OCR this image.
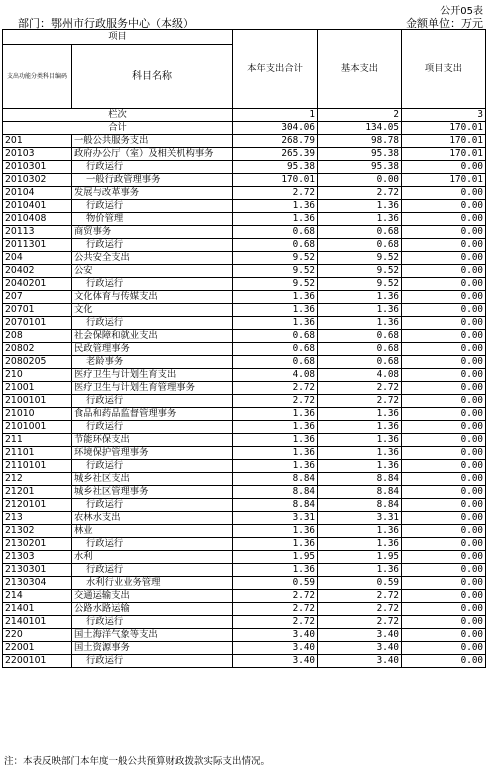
公开05表
部门：鄂州市行政服务中心（本级）	金额单位：万元
项目		本年支出合计	基本支出	项目支出
支出功能分类科目编码	科目名称			
栏次		1	2	3
合计		304.06	134.05	170.01
201	一般公共服务支出	268.79	98.78	170.01
20103	政府办公厅（室）及相关机构事务	265.39	95.38	170.01
2010301	行政运行	95.38	95.38	0.00
2010302	一般行政管理事务	170.01	0.00	170.01
20104	发展与改革事务	2.72	2.72	0.00
2010401	行政运行	1.36	1.36	0.00
2010408	物价管理	1.36	1.36	0.00
20113	商贸事务	0.68	0.68	0.00
2011301	行政运行	0.68	0.68	0.00
204	公共安全支出	9.52	9.52	0.00
20402	公安	9.52	9.52	0.00
2040201	行政运行	9.52	9.52	0.00
207	文化体育与传媒支出	1.36	1.36	0.00
20701	文化	1.36	1.36	0.00
2070101	行政运行	1.36	1.36	0.00
208	社会保障和就业支出	0.68	0.68	0.00
20802	民政管理事务	0.68	0.68	0.00
2080205	老龄事务	0.68	0.68	0.00
210	医疗卫生与计划生育支出	4.08	4.08	0.00
21001	医疗卫生与计划生育管理事务	2.72	2.72	0.00
2100101	行政运行	2.72	2.72	0.00
21010	食品和药品监督管理事务	1.36	1.36	0.00
2101001	行政运行	1.36	1.36	0.00
211	节能环保支出	1.36	1.36	0.00
21101	环境保护管理事务	1.36	1.36	0.00
2110101	行政运行	1.36	1.36	0.00
212	城乡社区支出	8.84	8.84	0.00
21201	城乡社区管理事务	8.84	8.84	0.00
2120101	行政运行	8.84	8.84	0.00
213	农林水支出	3.31	3.31	0.00
21302	林业	1.36	1.36	0.00
2130201	行政运行	1.36	1.36	0.00
21303	水利	1.95	1.95	0.00
2130301	行政运行	1.36	1.36	0.00
2130304	水利行业业务管理	0.59	0.59	0.00
214	交通运输支出	2.72	2.72	0.00
21401	公路水路运输	2.72	2.72	0.00
2140101	行政运行	2.72	2.72	0.00
220	国土海洋气象等支出	3.40	3.40	0.00
22001	国土资源事务	3.40	3.40	0.00
2200101	行政运行	3.40	3.40	0.00
注：本表反映部门本年度一般公共预算财政拨款实际支出情况。
